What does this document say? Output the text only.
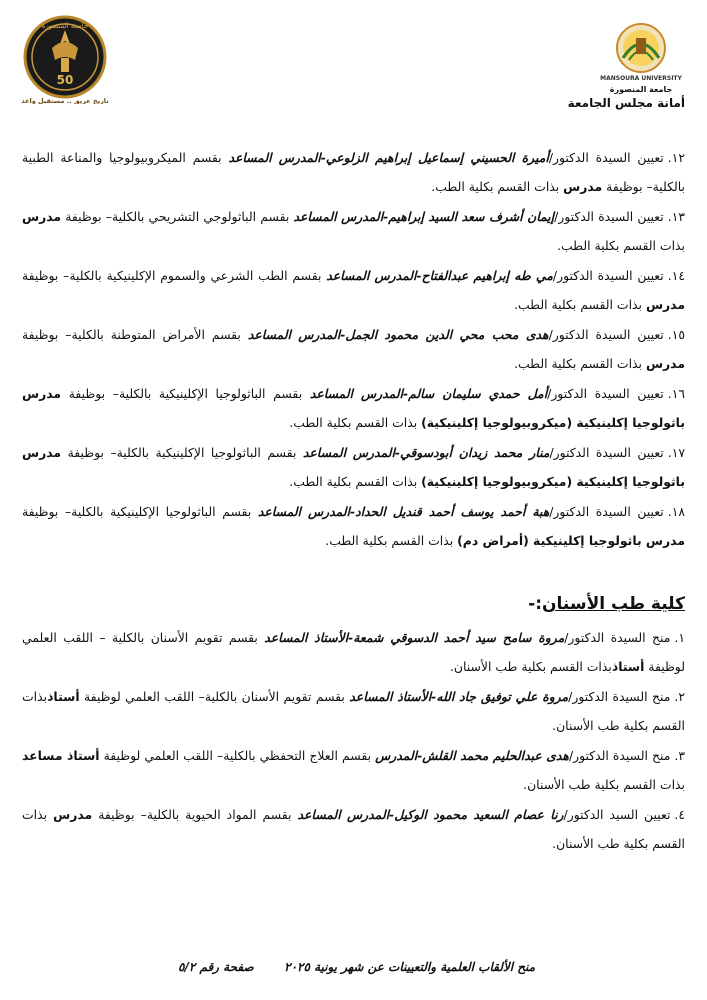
50
جامعة المنصورة
تاريخ عريق .. مستقبل واعد
MANSOURA UNIVERSITY
جامعة المنصورة
أمانة مجلس الجامعة

١٢.تعيين السيدة الدكتور/أميرة الحسيني إسماعيل إبراهيم الزلوعي-المدرس المساعد بقسم الميكروبيولوجيا والمناعة الطبية بالكلية– بوظيفة مدرس بذات القسم بكلية الطب.

١٣.تعيين السيدة الدكتور/إيمان أشرف سعد السيد إبراهيم-المدرس المساعد بقسم الباثولوجي التشريحي بالكلية– بوظيفة مدرس بذات القسم بكلية الطب.

١٤.تعيين السيدة الدكتور/مي طه إبراهيم عبدالفتاح-المدرس المساعد بقسم الطب الشرعي والسموم الإكلينيكية بالكلية– بوظيفة مدرس بذات القسم بكلية الطب.

١٥.تعيين السيدة الدكتور/هدى محب محي الدين محمود الجمل-المدرس المساعد بقسم الأمراض المتوطنة بالكلية– بوظيفة مدرس بذات القسم بكلية الطب.

١٦.تعيين السيدة الدكتور/أمل حمدي سليمان سالم-المدرس المساعد بقسم الباثولوجيا الإكلينيكية بالكلية– بوظيفة مدرس باثولوجيا إكلينيكية (ميكروبيولوجيا إكلينيكية) بذات القسم بكلية الطب.

١٧.تعيين السيدة الدكتور/منار محمد زيدان أبودسوقي-المدرس المساعد بقسم الباثولوجيا الإكلينيكية بالكلية– بوظيفة مدرس باثولوجيا إكلينيكية (ميكروبيولوجيا إكلينيكية) بذات القسم بكلية الطب.

١٨.تعيين السيدة الدكتور/هبة أحمد يوسف أحمد قنديل الحداد-المدرس المساعد بقسم الباثولوجيا الإكلينيكية بالكلية– بوظيفة مدرس باثولوجيا إكلينيكية (أمراض دم) بذات القسم بكلية الطب.

كلية طب الأسنان:-

١.منح السيدة الدكتور/مروة سامح سيد أحمد الدسوقي شمعة-الأستاذ المساعد بقسم تقويم الأسنان بالكلية – اللقب العلمي لوظيفة أستاذبذات القسم بكلية طب الأسنان.

٢.منح السيدة الدكتور/مروة علي توفيق جاد الله-الأستاذ المساعد بقسم تقويم الأسنان بالكلية– اللقب العلمي لوظيفة أستاذبذات القسم بكلية طب الأسنان.

٣.منح السيدة الدكتور/هدى عبدالحليم محمد القلش-المدرس بقسم العلاج التحفظي بالكلية– اللقب العلمي لوظيفة أستاذ مساعد بذات القسم بكلية طب الأسنان.

٤.تعيين السيد الدكتور/رنا عصام السعيد محمود الوكيل-المدرس المساعد بقسم المواد الحيوية بالكلية– بوظيفة مدرس بذات القسم بكلية طب الأسنان.

منح الألقاب العلمية والتعيينات عن شهر يونية ٢٠٢٥
صفحة رقم ٥/٢
